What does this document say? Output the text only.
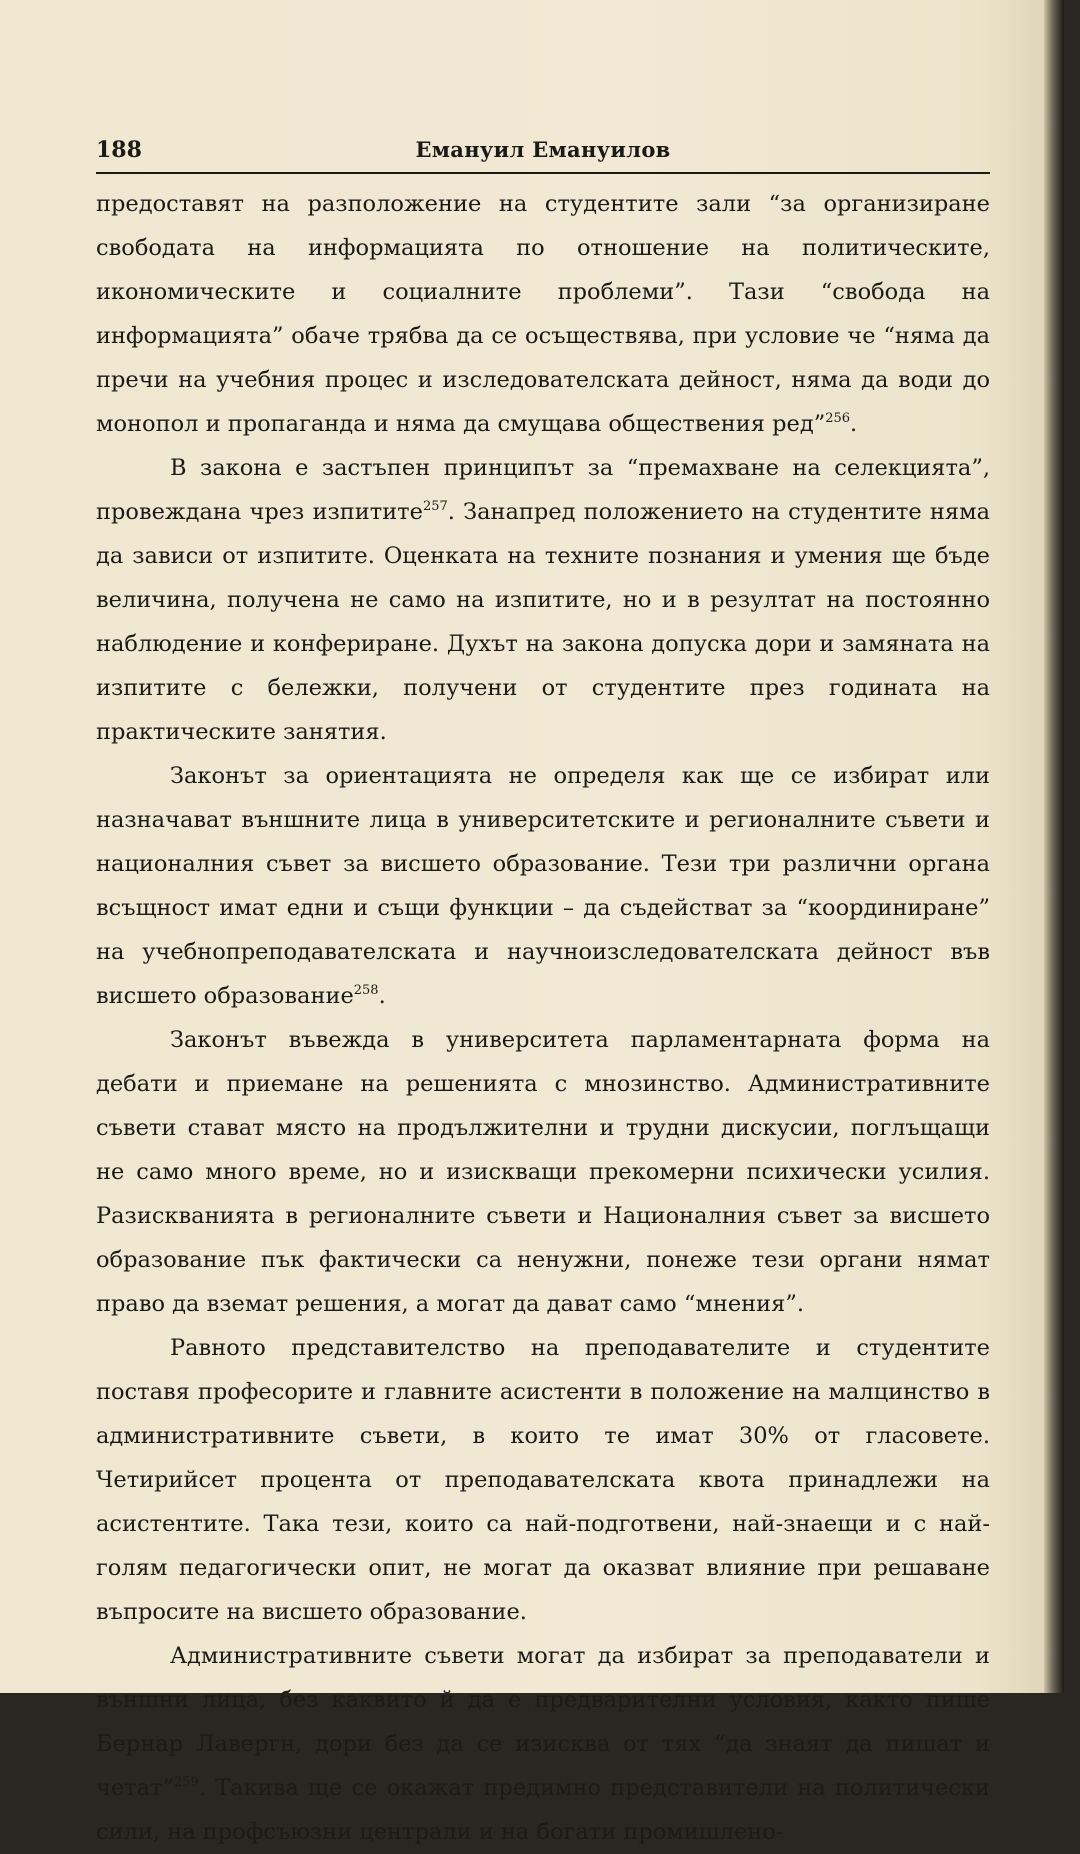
188	Емануил Емануилов

предоставят на разположение на студентите зали “за организиране свободата на информацията по отношение на политическите, икономическите и социалните проблеми”. Тази “свобода на информацията” обаче трябва да се осъществява, при условие че “няма да пречи на учебния процес и изследователската дейност, няма да води до монопол и пропаганда и няма да смущава обществения ред”$^{256}$.

В закона е застъпен принципът за “премахване на селекцията”, провеждана чрез изпитите$^{257}$. Занапред положението на студентите няма да зависи от изпитите. Оценката на техните познания и умения ще бъде величина, получена не само на изпитите, но и в резултат на постоянно наблюдение и конфериране. Духът на закона допуска дори и замяната на изпитите с бележки, получени от студентите през годината на практическите занятия.

Законът за ориентацията не определя как ще се избират или назначават външните лица в университетските и регионалните съвети и националния съвет за висшето образование. Тези три различни органа всъщност имат едни и същи функции – да съдействат за “координиране” на учебнопреподавателската и научноизследователската дейност във висшето образование$^{258}$.

Законът въвежда в университета парламентарната форма на дебати и приемане на решенията с мнозинство. Административните съвети стават място на продължителни и трудни дискусии, поглъщащи не само много време, но и изискващи прекомерни психически усилия. Разискванията в регионалните съвети и Националния съвет за висшето образование пък фактически са ненужни, понеже тези органи нямат право да вземат решения, а могат да дават само “мнения”.

Равното представителство на преподавателите и студентите поставя професорите и главните асистенти в положение на малцинство в административните съвети, в които те имат 30% от гласовете. Четирийсет процента от преподавателската квота принадлежи на асистентите. Така тези, които са най-подготвени, най-знаещи и с най-голям педагогически опит, не могат да оказват влияние при решаване въпросите на висшето образование.

Административните съвети могат да избират за преподаватели и външни лица, без каквито й да е предварителни условия, както пише Бернар Лавергн, дори без да се изисква от тях “да знаят да пишат и четат”$^{259}$. Такива ще се окажат предимно представители на политически сили, на профсъюзни централи и на богати промишлено-
